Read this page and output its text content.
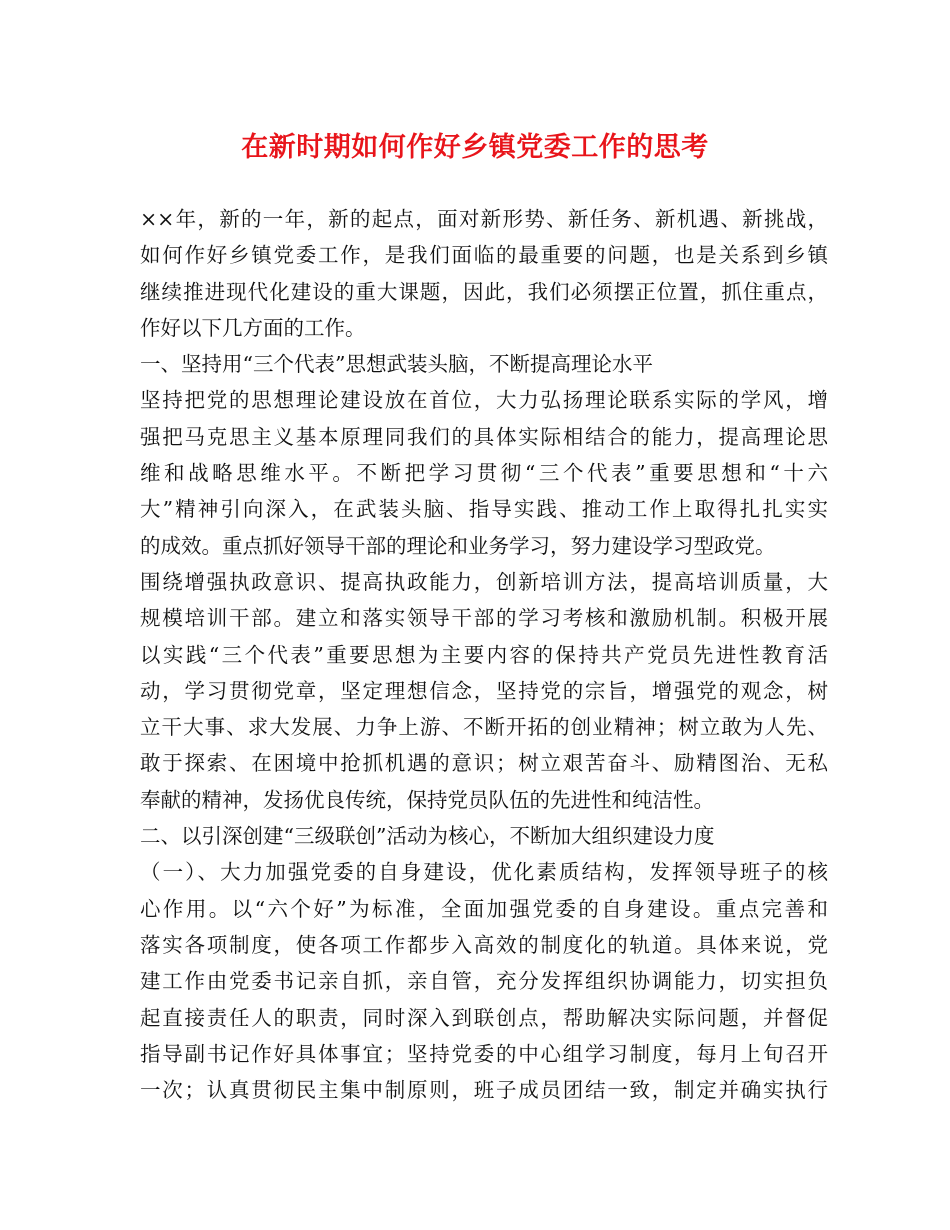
在新时期如何作好乡镇党委工作的思考
××年，新的一年，新的起点，面对新形势、新任务、新机遇、新挑战，
如何作好乡镇党委工作，是我们面临的最重要的问题，也是关系到乡镇
继续推进现代化建设的重大课题，因此，我们必须摆正位置，抓住重点，
作好以下几方面的工作。
一、坚持用“三个代表”思想武装头脑，不断提高理论水平
坚持把党的思想理论建设放在首位，大力弘扬理论联系实际的学风，增
强把马克思主义基本原理同我们的具体实际相结合的能力，提高理论思
维和战略思维水平。不断把学习贯彻“三个代表”重要思想和“十六
大”精神引向深入，在武装头脑、指导实践、推动工作上取得扎扎实实
的成效。重点抓好领导干部的理论和业务学习，努力建设学习型政党。
围绕增强执政意识、提高执政能力，创新培训方法，提高培训质量，大
规模培训干部。建立和落实领导干部的学习考核和激励机制。积极开展
以实践“三个代表”重要思想为主要内容的保持共产党员先进性教育活
动，学习贯彻党章，坚定理想信念，坚持党的宗旨，增强党的观念，树
立干大事、求大发展、力争上游、不断开拓的创业精神；树立敢为人先、
敢于探索、在困境中抢抓机遇的意识；树立艰苦奋斗、励精图治、无私
奉献的精神，发扬优良传统，保持党员队伍的先进性和纯洁性。
二、以引深创建“三级联创”活动为核心，不断加大组织建设力度
（一）、大力加强党委的自身建设，优化素质结构，发挥领导班子的核
心作用。以“六个好”为标准，全面加强党委的自身建设。重点完善和
落实各项制度，使各项工作都步入高效的制度化的轨道。具体来说，党
建工作由党委书记亲自抓，亲自管，充分发挥组织协调能力，切实担负
起直接责任人的职责，同时深入到联创点，帮助解决实际问题，并督促
指导副书记作好具体事宜；坚持党委的中心组学习制度，每月上旬召开
一次；认真贯彻民主集中制原则，班子成员团结一致，制定并确实执行
